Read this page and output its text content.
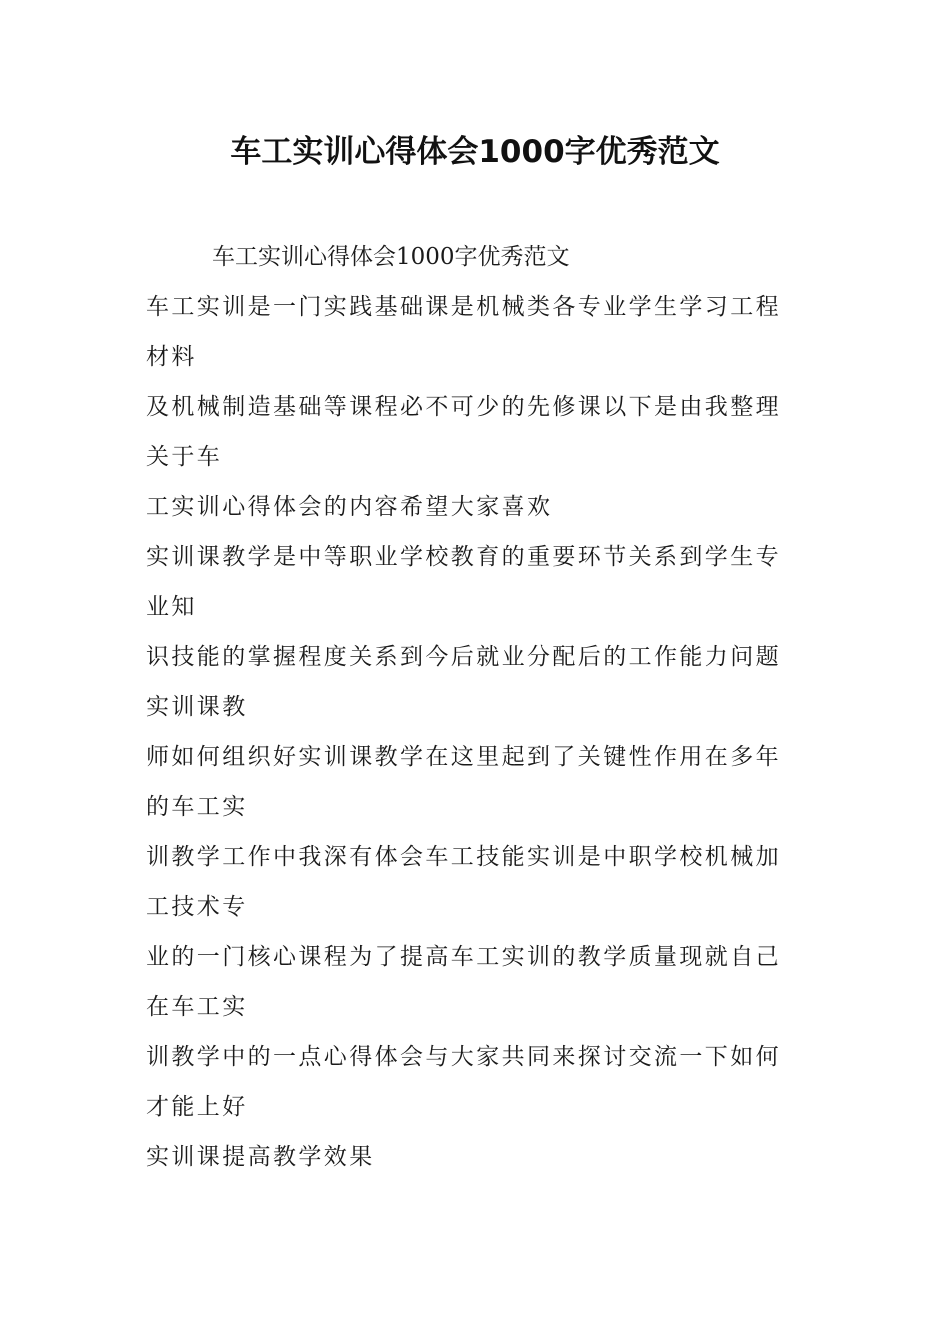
车工实训心得体会1000字优秀范文

车工实训心得体会1000字优秀范文

车工实训是一门实践基础课是机械类各专业学生学习工程

材料

及机械制造基础等课程必不可少的先修课以下是由我整理

关于车

工实训心得体会的内容希望大家喜欢

实训课教学是中等职业学校教育的重要环节关系到学生专

业知

识技能的掌握程度关系到今后就业分配后的工作能力问题

实训课教

师如何组织好实训课教学在这里起到了关键性作用在多年

的车工实

训教学工作中我深有体会车工技能实训是中职学校机械加

工技术专

业的一门核心课程为了提高车工实训的教学质量现就自己

在车工实

训教学中的一点心得体会与大家共同来探讨交流一下如何

才能上好

实训课提高教学效果
